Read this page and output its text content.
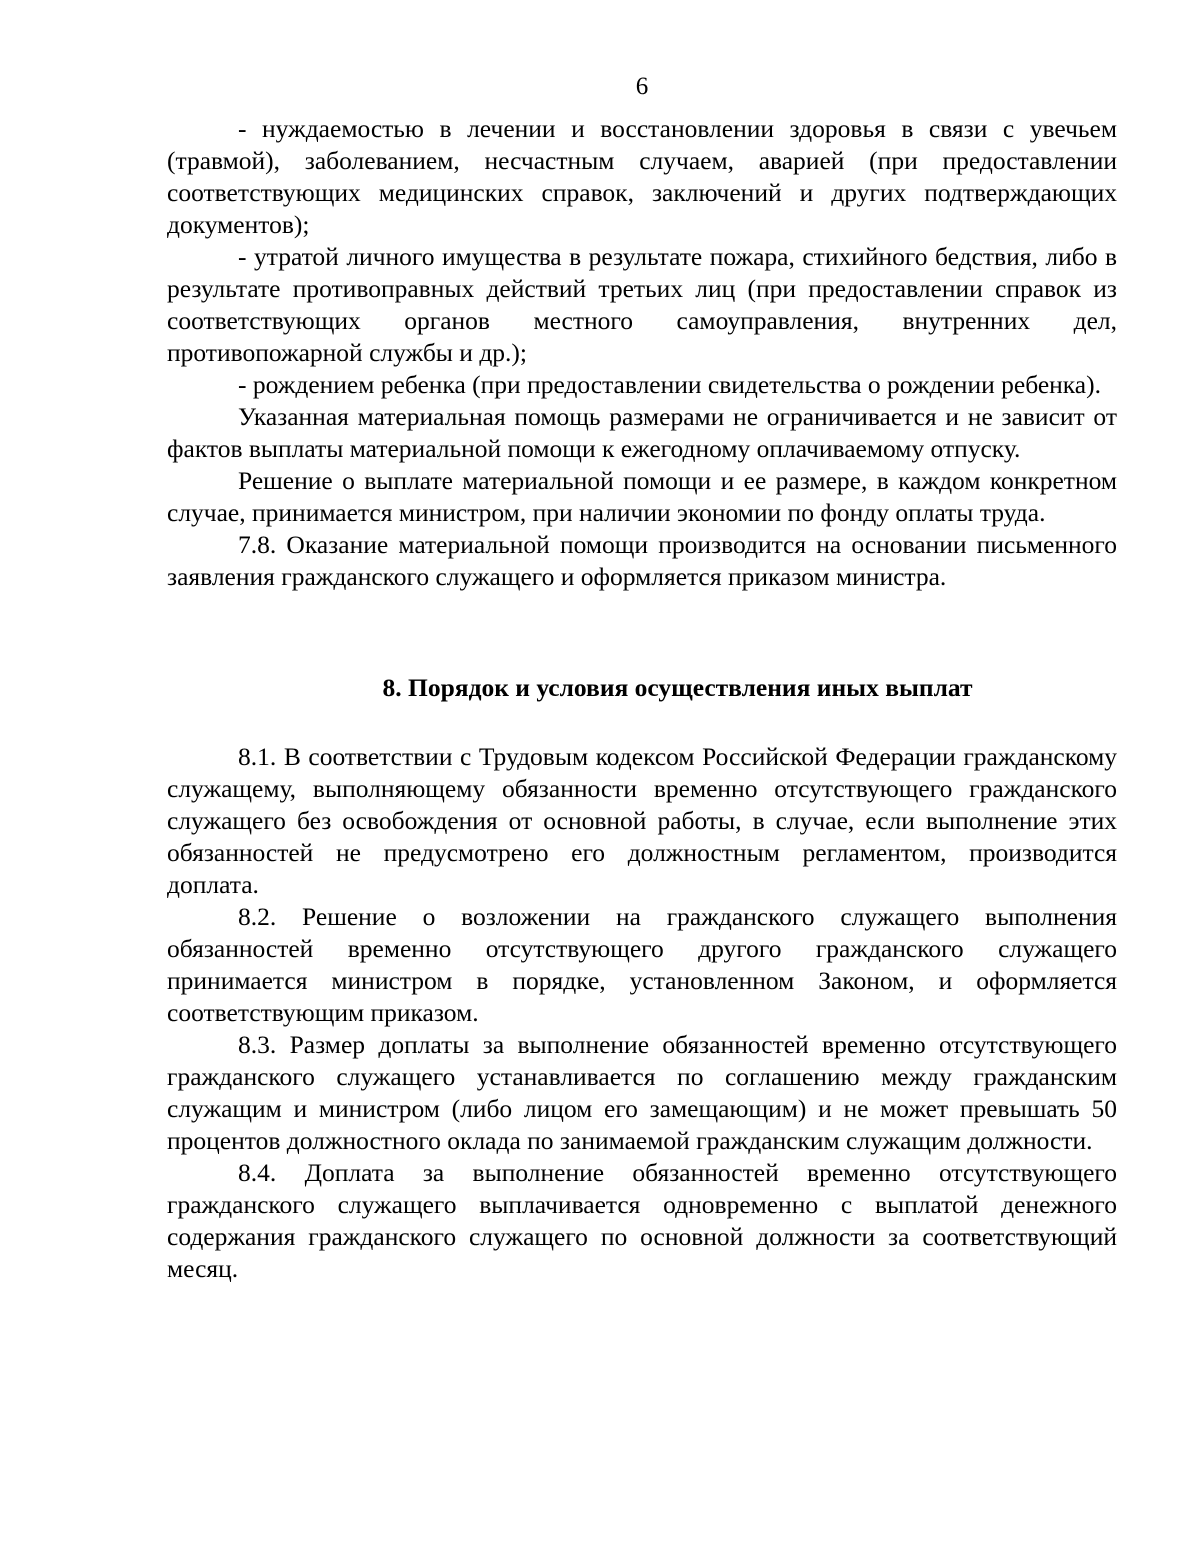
6

- нуждаемостью в лечении и восстановлении здоровья в связи с увечьем (травмой), заболеванием, несчастным случаем, аварией (при предоставлении соответствующих медицинских справок, заключений и других подтверждающих документов);

- утратой личного имущества в результате пожара, стихийного бедствия, либо в результате противоправных действий третьих лиц (при предоставлении справок из соответствующих органов местного самоуправления, внутренних дел, противопожарной службы и др.);

- рождением ребенка (при предоставлении свидетельства о рождении ребенка).

Указанная материальная помощь размерами не ограничивается и не зависит от фактов выплаты материальной помощи к ежегодному оплачиваемому отпуску.

Решение о выплате материальной помощи и ее размере, в каждом конкретном случае, принимается министром, при наличии экономии по фонду оплаты труда.

7.8. Оказание материальной помощи производится на основании письменного заявления гражданского служащего и оформляется приказом министра.

8. Порядок и условия осуществления иных выплат

8.1. В соответствии с Трудовым кодексом Российской Федерации гражданскому служащему, выполняющему обязанности временно отсутствующего гражданского служащего без освобождения от основной работы, в случае, если выполнение этих обязанностей не предусмотрено его должностным регламентом, производится доплата.

8.2. Решение о возложении на гражданского служащего выполнения обязанностей временно отсутствующего другого гражданского служащего принимается министром в порядке, установленном Законом, и оформляется соответствующим приказом.

8.3. Размер доплаты за выполнение обязанностей временно отсутствующего гражданского служащего устанавливается по соглашению между гражданским служащим и министром (либо лицом его замещающим) и не может превышать 50 процентов должностного оклада по занимаемой гражданским служащим должности.

8.4. Доплата за выполнение обязанностей временно отсутствующего гражданского служащего выплачивается одновременно с выплатой денежного содержания гражданского служащего по основной должности за соответствующий месяц.
